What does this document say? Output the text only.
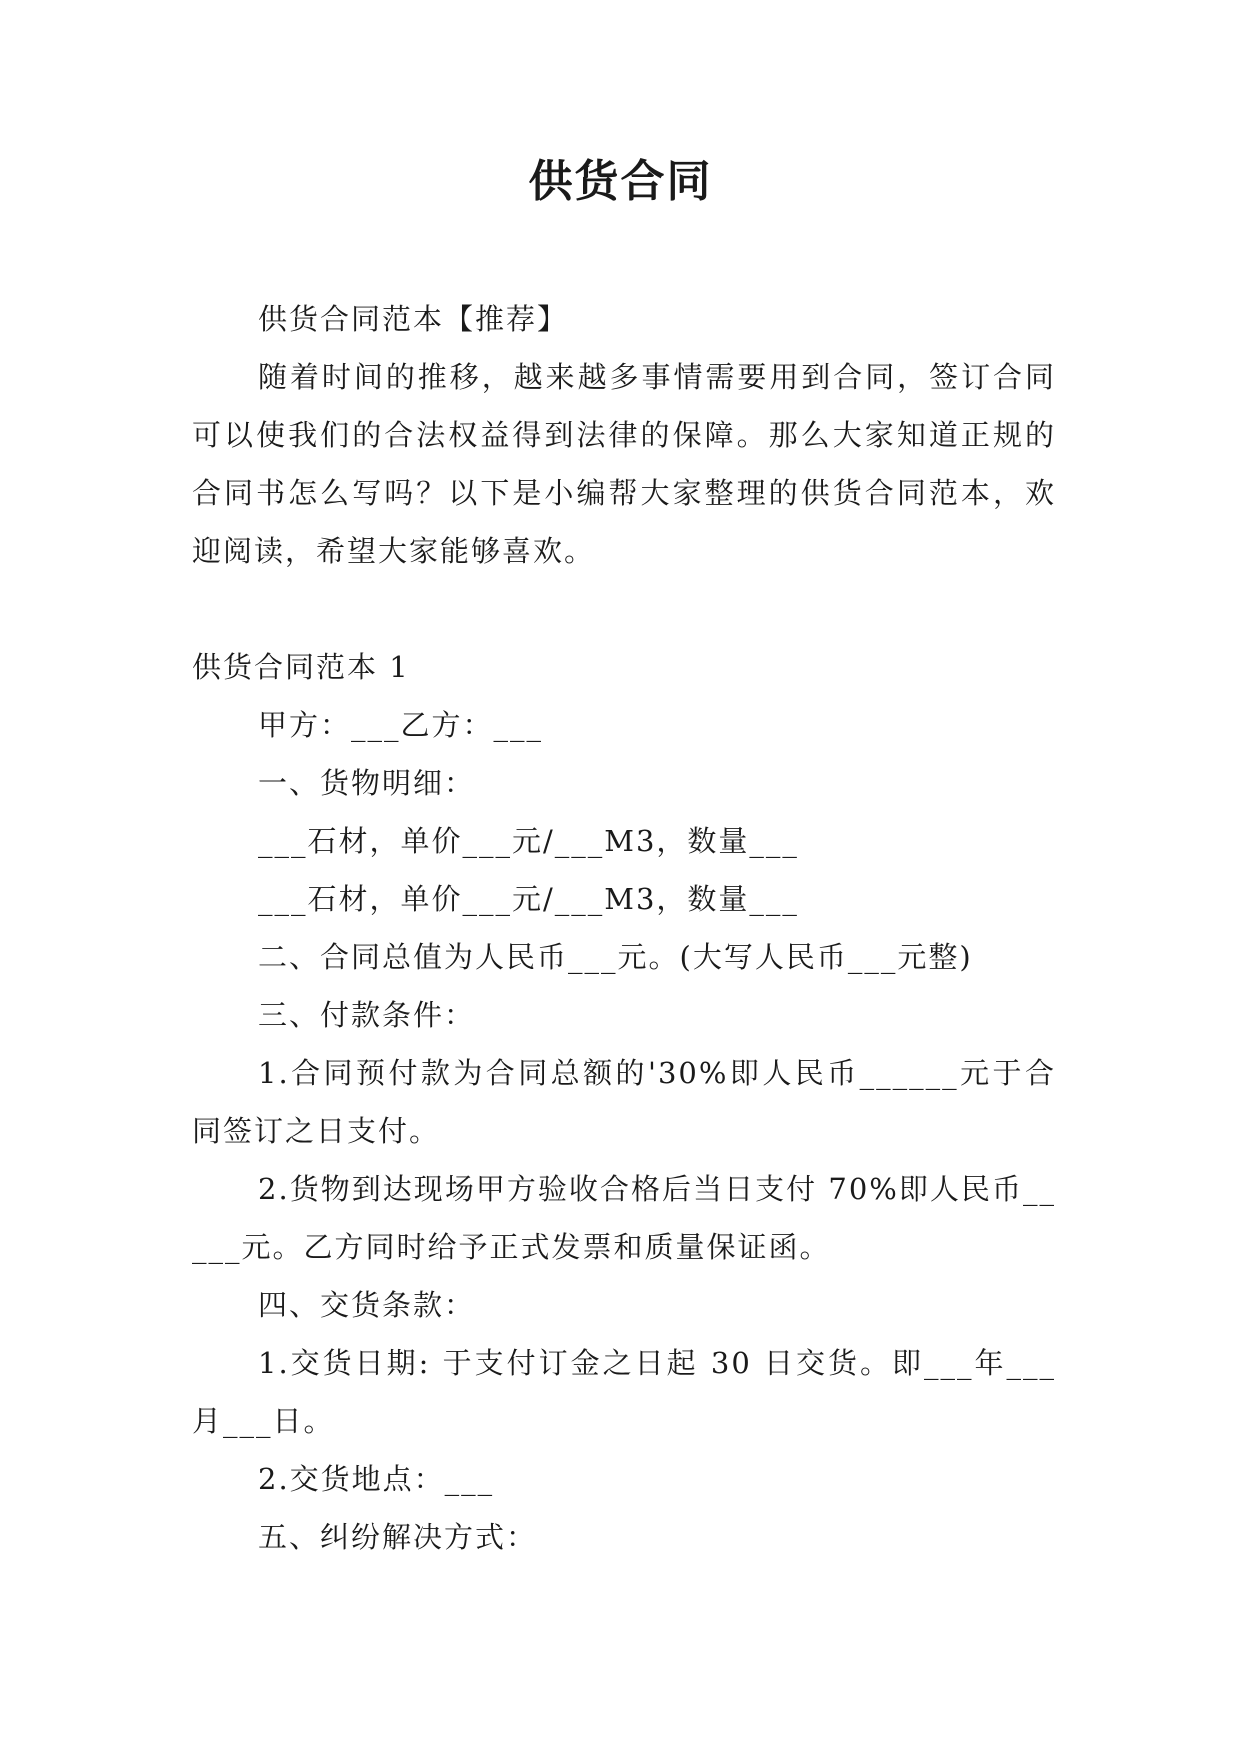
供货合同

供货合同范本【推荐】

随着时间的推移，越来越多事情需要用到合同，签订合同可以使我们的合法权益得到法律的保障。那么大家知道正规的合同书怎么写吗？以下是小编帮大家整理的供货合同范本，欢迎阅读，希望大家能够喜欢。

供货合同范本 1

甲方：___乙方：___

一、货物明细：

___石材，单价___元/___M3，数量___

___石材，单价___元/___M3，数量___

二、合同总值为人民币___元。(大写人民币___元整)

三、付款条件：

1.合同预付款为合同总额的'30%即人民币______元于合同签订之日支付。

2.货物到达现场甲方验收合格后当日支付 70%即人民币_____元。乙方同时给予正式发票和质量保证函。

四、交货条款：

1.交货日期: 于支付订金之日起 30 日交货。即___年___月___日。

2.交货地点：___

五、纠纷解决方式：
